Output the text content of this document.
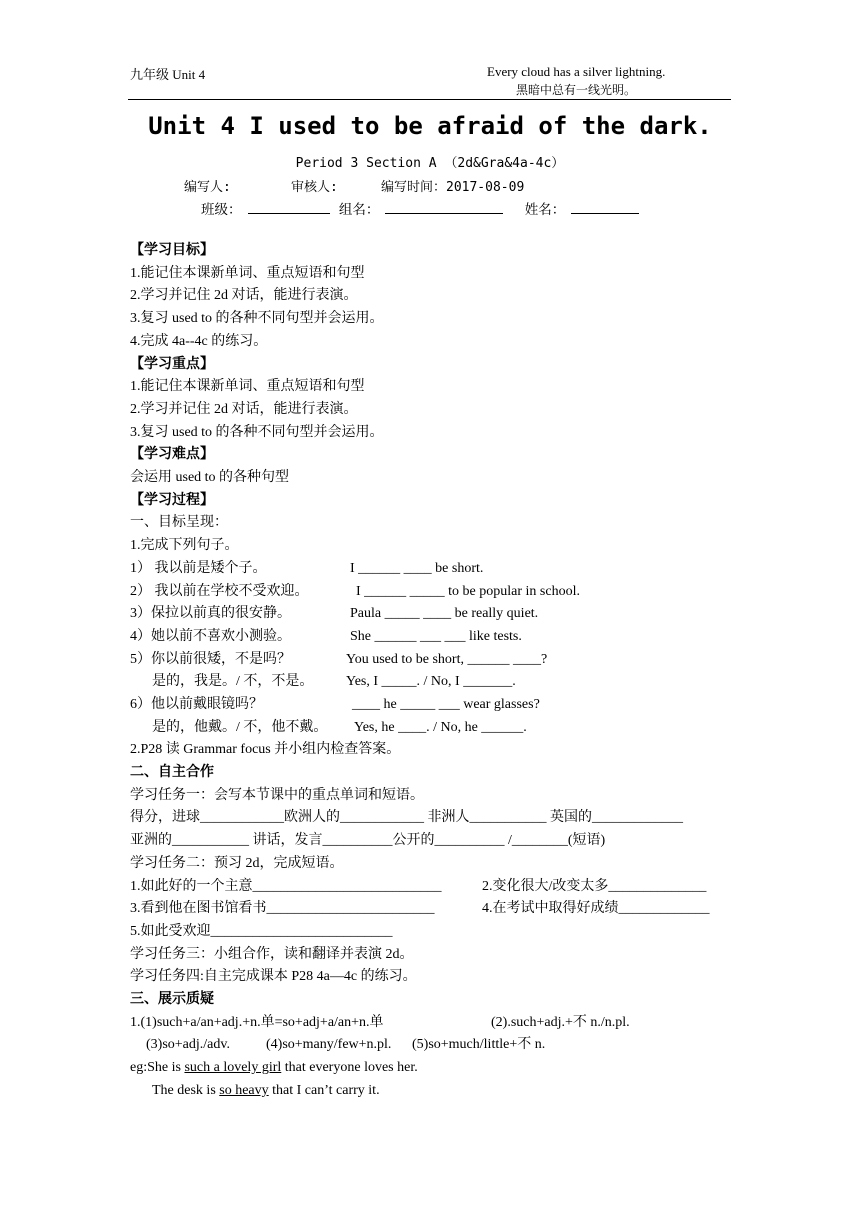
九年级 Unit 4	Every cloud has a silver lightning.
黑暗中总有一线光明。
Unit 4 I used to be afraid of the dark.
Period 3 Section A （2d&Gra&4a-4c）
编写人:	审核人:	编写时间：2017-08-09
班级：	组名：	姓名：
【学习目标】
1.能记住本课新单词、重点短语和句型
2.学习并记住 2d 对话，能进行表演。
3.复习 used to 的各种不同句型并会运用。
4.完成 4a--4c 的练习。
【学习重点】
1.能记住本课新单词、重点短语和句型
2.学习并记住 2d 对话，能进行表演。
3.复习 used to 的各种不同句型并会运用。
【学习难点】
会运用 used to 的各种句型
【学习过程】
一、目标呈现：
1.完成下列句子。
1） 我以前是矮个子。	I ______ ____ be short.
2） 我以前在学校不受欢迎。	I ______ _____ to be popular in school.
3）保拉以前真的很安静。	Paula _____ ____ be really quiet.
4）她以前不喜欢小测验。	She ______ ___ ___ like tests.
5）你以前很矮，不是吗？	You used to be short, ______ ____?
是的，我是。/ 不，不是。 Yes, I _____. / No, I _______.
6）他以前戴眼镜吗？	____ he _____ ___ wear glasses?
是的，他戴。/ 不，他不戴。 Yes, he ____. / No, he ______.
2.P28 读 Grammar focus 并小组内检查答案。
二、自主合作
学习任务一：会写本节课中的重点单词和短语。
得分，进球____________欧洲人的____________ 非洲人___________ 英国的_____________
亚洲的___________ 讲话，发言__________公开的__________ /________(短语)
学习任务二：预习 2d，完成短语。
1.如此好的一个主意___________________________	2.变化很大/改变太多______________
3.看到他在图书馆看书________________________	4.在考试中取得好成绩_____________
5.如此受欢迎__________________________
学习任务三：小组合作，读和翻译并表演 2d。
学习任务四:自主完成课本 P28 4a—4c 的练习。
三、展示质疑
1.(1)such+a/an+adj.+n.单=so+adj+a/an+n.单	(2).such+adj.+不 n./n.pl.
(3)so+adj./adv.	(4)so+many/few+n.pl. (5)so+much/little+不 n.
eg:She is such a lovely girl that everyone loves her.
The desk is so heavy that I can’t carry it.
